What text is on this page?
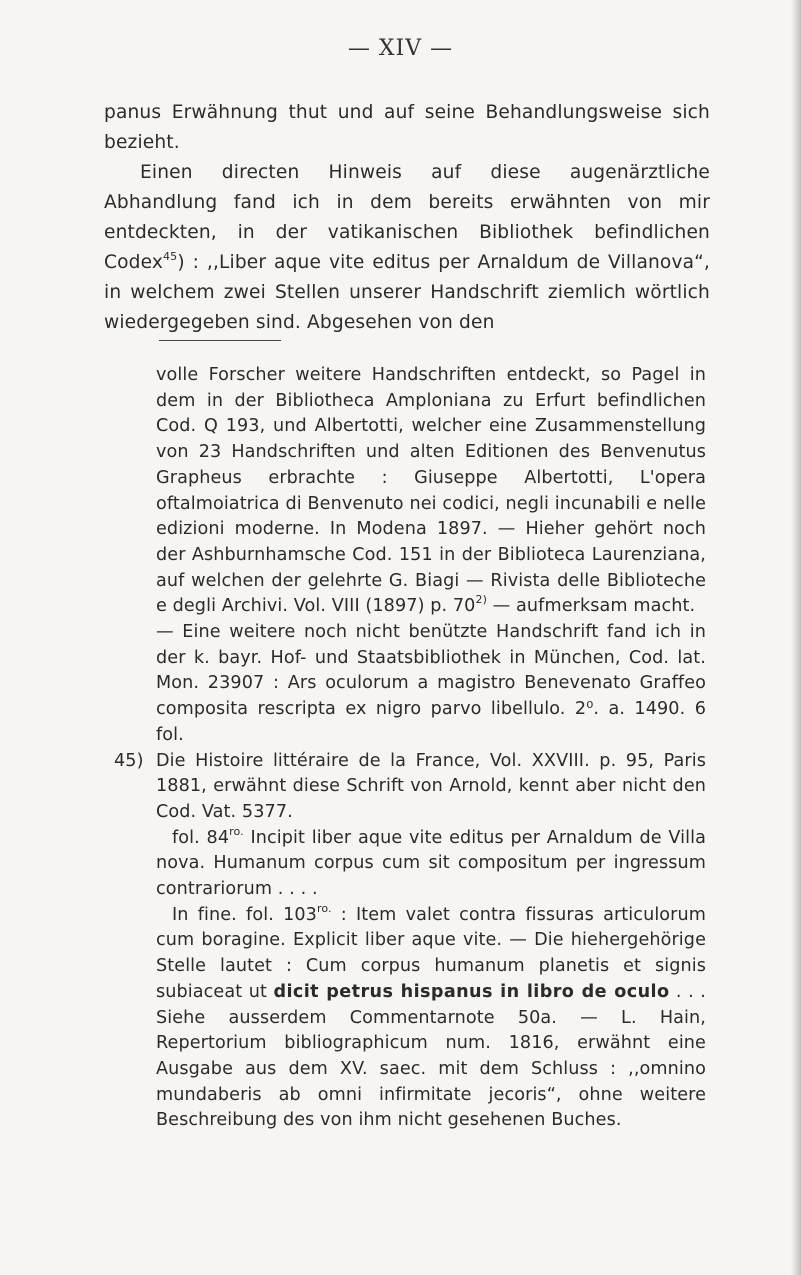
— XIV —

panus Erwähnung thut und auf seine Behandlungsweise sich bezieht.

Einen directen Hinweis auf diese augenärztliche Abhandlung fand ich in dem bereits erwähnten von mir entdeckten, in der vatikanischen Bibliothek befindlichen Codex$^{45}$) : ,,Liber aque vite editus per Arnaldum de Villanova“, in welchem zwei Stellen unserer Handschrift ziemlich wörtlich wiedergegeben sind. Abgesehen von den

volle Forscher weitere Handschriften entdeckt, so Pagel in dem in der Bibliotheca Amploniana zu Erfurt befindlichen Cod. Q 193, und Albertotti, welcher eine Zusammenstellung von 23 Handschriften und alten Editionen des Benvenutus Grapheus erbrachte : Giuseppe Albertotti, L'opera oftalmoiatrica di Benvenuto nei codici, negli incunabili e nelle edizioni moderne. In Modena 1897. — Hieher gehört noch der Ashburnhamsche Cod. 151 in der Biblioteca Laurenziana, auf welchen der gelehrte G. Biagi — Rivista delle Biblioteche e degli Archivi. Vol. VIII (1897) p. 70$^{2)}$ — aufmerksam macht.

— Eine weitere noch nicht benützte Handschrift fand ich in der k. bayr. Hof- und Staatsbibliothek in München, Cod. lat. Mon. 23907 : Ars oculorum a magistro Benevenato Graffeo composita rescripta ex nigro parvo libellulo. 2⁰. a. 1490. 6 fol.

45) Die Histoire littéraire de la France, Vol. XXVIII. p. 95, Paris 1881, erwähnt diese Schrift von Arnold, kennt aber nicht den Cod. Vat. 5377.

fol. $84^{ro.}$ Incipit liber aque vite editus per Arnaldum de Villa nova. Humanum corpus cum sit compositum per ingressum contrariorum . . . .

In fine. fol. $103^{ro.}$ : Item valet contra fissuras articulorum cum boragine. Explicit liber aque vite. — Die hiehergehörige Stelle lautet : Cum corpus humanum planetis et signis subiaceat ut dicit petrus hispanus in libro de oculo . . . Siehe ausserdem Commentarnote 50a. — L. Hain, Repertorium bibliographicum num. 1816, erwähnt eine Ausgabe aus dem XV. saec. mit dem Schluss : ,,omnino mundaberis ab omni infirmitate jecoris“, ohne weitere Beschreibung des von ihm nicht gesehenen Buches.
